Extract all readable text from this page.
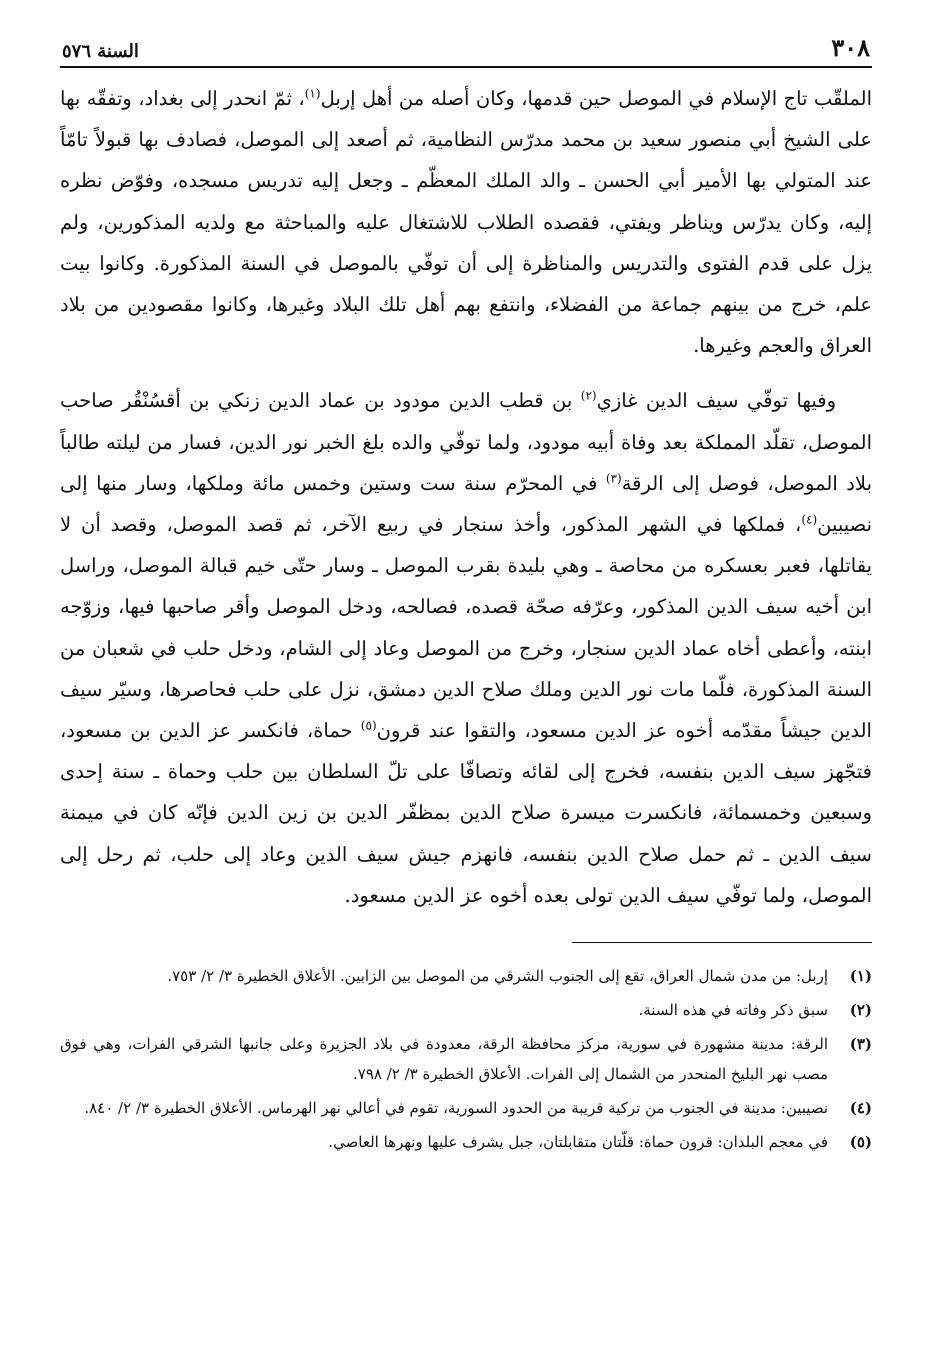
٣٠٨
السنة ٥٧٦

الملقّب تاج الإسلام في الموصل حين قدمها، وكان أصله من أهل إربل$^{(١)}$، ثمّ انحدر إلى بغداد، وتفقّه بها على الشيخ أبي منصور سعيد بن محمد مدرّس النظامية، ثم أصعد إلى الموصل، فصادف بها قبولاً تامّاً عند المتولي بها الأمير أبي الحسن ـ والد الملك المعظّم ـ وجعل إليه تدريس مسجده، وفوّض نظره إليه، وكان يدرّس ويناظر ويفتي، فقصده الطلاب للاشتغال عليه والمباحثة مع ولديه المذكورين، ولم يزل على قدم الفتوى والتدريس والمناظرة إلى أن توفّي بالموصل في السنة المذكورة. وكانوا بيت علم، خرج من بينهم جماعة من الفضلاء، وانتفع بهم أهل تلك البلاد وغيرها، وكانوا مقصودين من بلاد العراق والعجم وغيرها.

وفيها توفّي سيف الدين غازي$^{(٢)}$ بن قطب الدين مودود بن عماد الدين زنكي بن أقسُنْقُر صاحب الموصل، تقلّد المملكة بعد وفاة أبيه مودود، ولما توفّي والده بلغ الخبر نور الدين، فسار من ليلته طالباً بلاد الموصل، فوصل إلى الرقة$^{(٣)}$ في المحرّم سنة ست وستين وخمس مائة وملكها، وسار منها إلى نصيبين$^{(٤)}$، فملكها في الشهر المذكور، وأخذ سنجار في ربيع الآخر، ثم قصد الموصل، وقصد أن لا يقاتلها، فعبر بعسكره من محاصة ـ وهي بليدة بقرب الموصل ـ وسار حتّى خيم قبالة الموصل، وراسل ابن أخيه سيف الدين المذكور، وعرّفه صحّة قصده، فصالحه، ودخل الموصل وأقر صاحبها فيها، وزوّجه ابنته، وأعطى أخاه عماد الدين سنجار، وخرج من الموصل وعاد إلى الشام، ودخل حلب في شعبان من السنة المذكورة، فلّما مات نور الدين وملك صلاح الدين دمشق، نزل على حلب فحاصرها، وسيّر سيف الدين جيشاً مقدّمه أخوه عز الدين مسعود، والتقوا عند قرون$^{(٥)}$ حماة، فانكسر عز الدين بن مسعود، فتجّهز سيف الدين بنفسه، فخرج إلى لقائه وتصافّا على تلّ السلطان بين حلب وحماة ـ سنة إحدى وسبعين وخمسمائة، فانكسرت ميسرة صلاح الدين بمظفّر الدين بن زين الدين فإنّه كان في ميمنة سيف الدين ـ ثم حمل صلاح الدين بنفسه، فانهزم جيش سيف الدين وعاد إلى حلب، ثم رحل إلى الموصل، ولما توفّي سيف الدين تولى بعده أخوه عز الدين مسعود.

(١)
إربل: من مدن شمال العراق، تقع إلى الجنوب الشرقي من الموصل بين الزابين. الأعلاق الخطيرة ٣/ ٢/ ٧٥٣.
(٢)
سبق ذكر وفاته في هذه السنة.
(٣)
الرقة: مدينة مشهورة في سورية، مركز محافظة الرقة، معدودة في بلاد الجزيرة وعلى جانبها الشرقي الفرات، وهي فوق مصب نهر البليخ المنحدر من الشمال إلى الفرات. الأعلاق الخطيرة ٣/ ٢/ ٧٩٨.
(٤)
نصيبين: مدينة في الجنوب من تركية قريبة من الحدود السورية، تقوم في أعالي نهر الهرماس. الأعلاق الخطيرة ٣/ ٢/ ٨٤٠.
(٥)
في معجم البلدان: قرون حماة: قلّتان متقابلتان، جبل يشرف عليها ونهرها العاصي.
